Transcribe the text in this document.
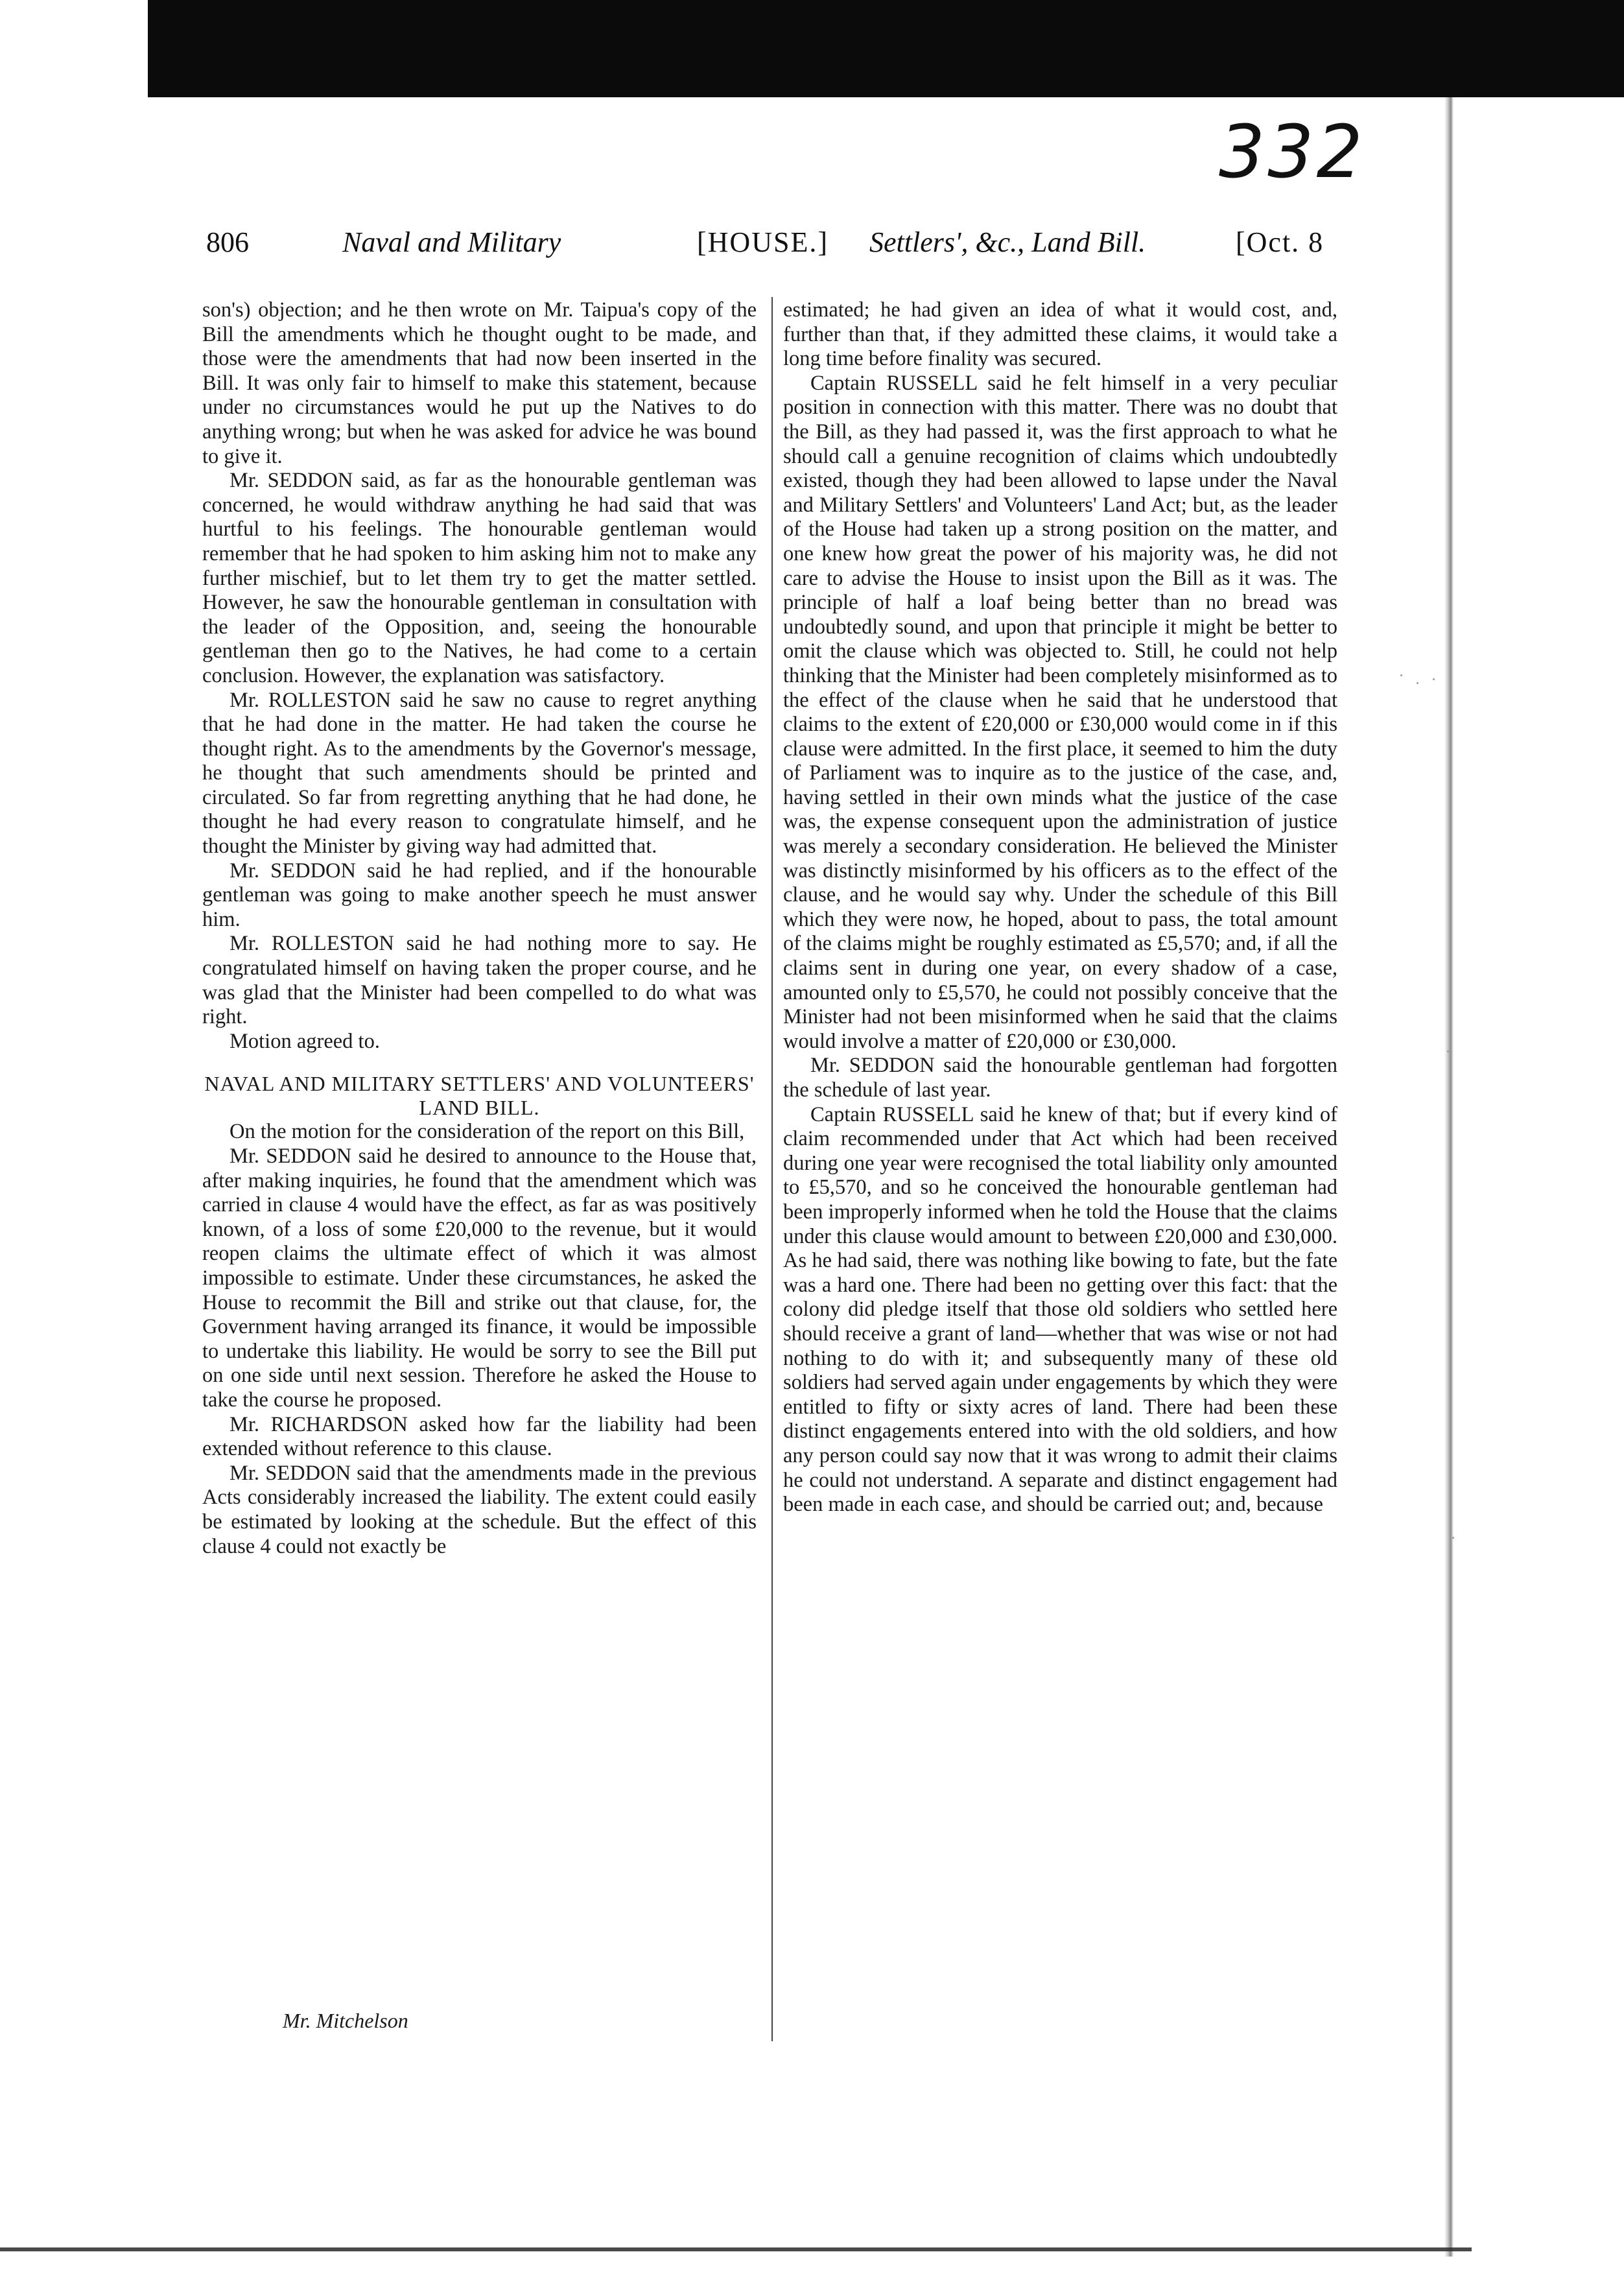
332
806	Naval and Military	[HOUSE.] Settlers', &c., Land Bill.	[Oct. 8

son's) objection; and he then wrote on Mr. Taipua's copy of the Bill the amendments which he thought ought to be made, and those were the amendments that had now been inserted in the Bill. It was only fair to himself to make this statement, because under no circumstances would he put up the Natives to do anything wrong; but when he was asked for advice he was bound to give it.

Mr. SEDDON said, as far as the honourable gentleman was concerned, he would withdraw anything he had said that was hurtful to his feelings. The honourable gentleman would remember that he had spoken to him asking him not to make any further mischief, but to let them try to get the matter settled. However, he saw the honourable gentleman in consultation with the leader of the Opposition, and, seeing the honourable gentleman then go to the Natives, he had come to a certain conclusion. However, the explanation was satisfactory.

Mr. ROLLESTON said he saw no cause to regret anything that he had done in the matter. He had taken the course he thought right. As to the amendments by the Governor's message, he thought that such amendments should be printed and circulated. So far from regretting anything that he had done, he thought he had every reason to congratulate himself, and he thought the Minister by giving way had admitted that.

Mr. SEDDON said he had replied, and if the honourable gentleman was going to make another speech he must answer him.

Mr. ROLLESTON said he had nothing more to say. He congratulated himself on having taken the proper course, and he was glad that the Minister had been compelled to do what was right.

Motion agreed to.

NAVAL AND MILITARY SETTLERS' AND VOLUNTEERS' LAND BILL.

On the motion for the consideration of the report on this Bill,

Mr. SEDDON said he desired to announce to the House that, after making inquiries, he found that the amendment which was carried in clause 4 would have the effect, as far as was positively known, of a loss of some £20,000 to the revenue, but it would reopen claims the ultimate effect of which it was almost impossible to estimate. Under these circumstances, he asked the House to recommit the Bill and strike out that clause, for, the Government having arranged its finance, it would be impossible to undertake this liability. He would be sorry to see the Bill put on one side until next session. Therefore he asked the House to take the course he proposed.

Mr. RICHARDSON asked how far the liability had been extended without reference to this clause.

Mr. SEDDON said that the amendments made in the previous Acts considerably increased the liability. The extent could easily be estimated by looking at the schedule. But the effect of this clause 4 could not exactly be

estimated; he had given an idea of what it would cost, and, further than that, if they admitted these claims, it would take a long time before finality was secured.

Captain RUSSELL said he felt himself in a very peculiar position in connection with this matter. There was no doubt that the Bill, as they had passed it, was the first approach to what he should call a genuine recognition of claims which undoubtedly existed, though they had been allowed to lapse under the Naval and Military Settlers' and Volunteers' Land Act; but, as the leader of the House had taken up a strong position on the matter, and one knew how great the power of his majority was, he did not care to advise the House to insist upon the Bill as it was. The principle of half a loaf being better than no bread was undoubtedly sound, and upon that principle it might be better to omit the clause which was objected to. Still, he could not help thinking that the Minister had been completely misinformed as to the effect of the clause when he said that he understood that claims to the extent of £20,000 or £30,000 would come in if this clause were admitted. In the first place, it seemed to him the duty of Parliament was to inquire as to the justice of the case, and, having settled in their own minds what the justice of the case was, the expense consequent upon the administration of justice was merely a secondary consideration. He believed the Minister was distinctly misinformed by his officers as to the effect of the clause, and he would say why. Under the schedule of this Bill which they were now, he hoped, about to pass, the total amount of the claims might be roughly estimated as £5,570; and, if all the claims sent in during one year, on every shadow of a case, amounted only to £5,570, he could not possibly conceive that the Minister had not been misinformed when he said that the claims would involve a matter of £20,000 or £30,000.

Mr. SEDDON said the honourable gentleman had forgotten the schedule of last year.

Captain RUSSELL said he knew of that; but if every kind of claim recommended under that Act which had been received during one year were recognised the total liability only amounted to £5,570, and so he conceived the honourable gentleman had been improperly informed when he told the House that the claims under this clause would amount to between £20,000 and £30,000. As he had said, there was nothing like bowing to fate, but the fate was a hard one. There had been no getting over this fact: that the colony did pledge itself that those old soldiers who settled here should receive a grant of land—whether that was wise or not had nothing to do with it; and subsequently many of these old soldiers had served again under engagements by which they were entitled to fifty or sixty acres of land. There had been these distinct engagements entered into with the old soldiers, and how any person could say now that it was wrong to admit their claims he could not understand. A separate and distinct engagement had been made in each case, and should be carried out; and, because

Mr. Mitchelson
